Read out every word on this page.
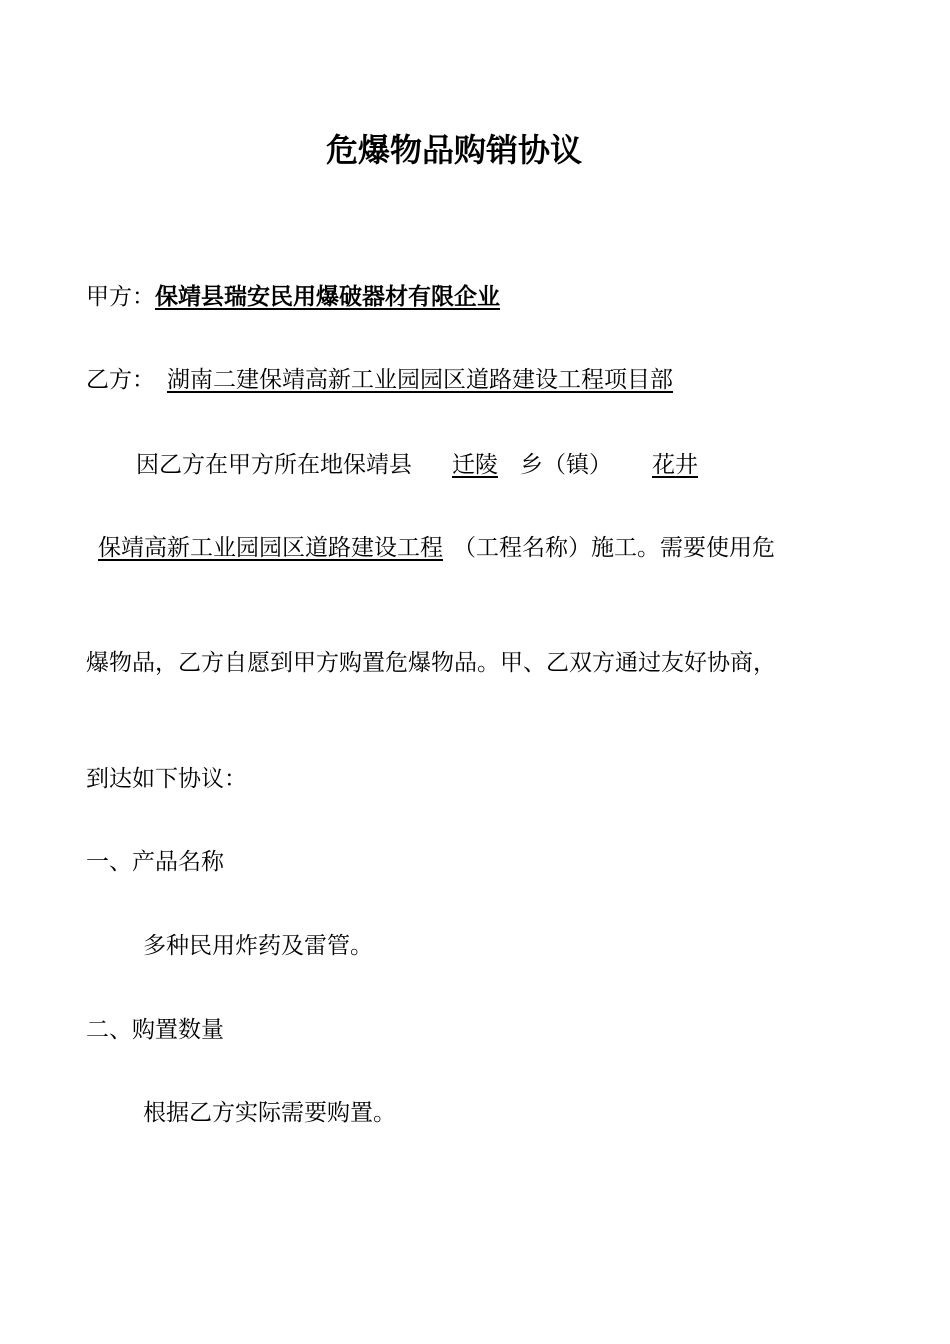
危爆物品购销协议
甲方：保靖县瑞安民用爆破器材有限企业
乙方： 湖南二建保靖高新工业园园区道路建设工程项目部
因乙方在甲方所在地保靖县 迁陵 乡（镇） 花井
保靖高新工业园园区道路建设工程 （工程名称）施工。需要使用危
爆物品，乙方自愿到甲方购置危爆物品。甲、乙双方通过友好协商，
到达如下协议：
一、产品名称
多种民用炸药及雷管。
二、购置数量
根据乙方实际需要购置。
